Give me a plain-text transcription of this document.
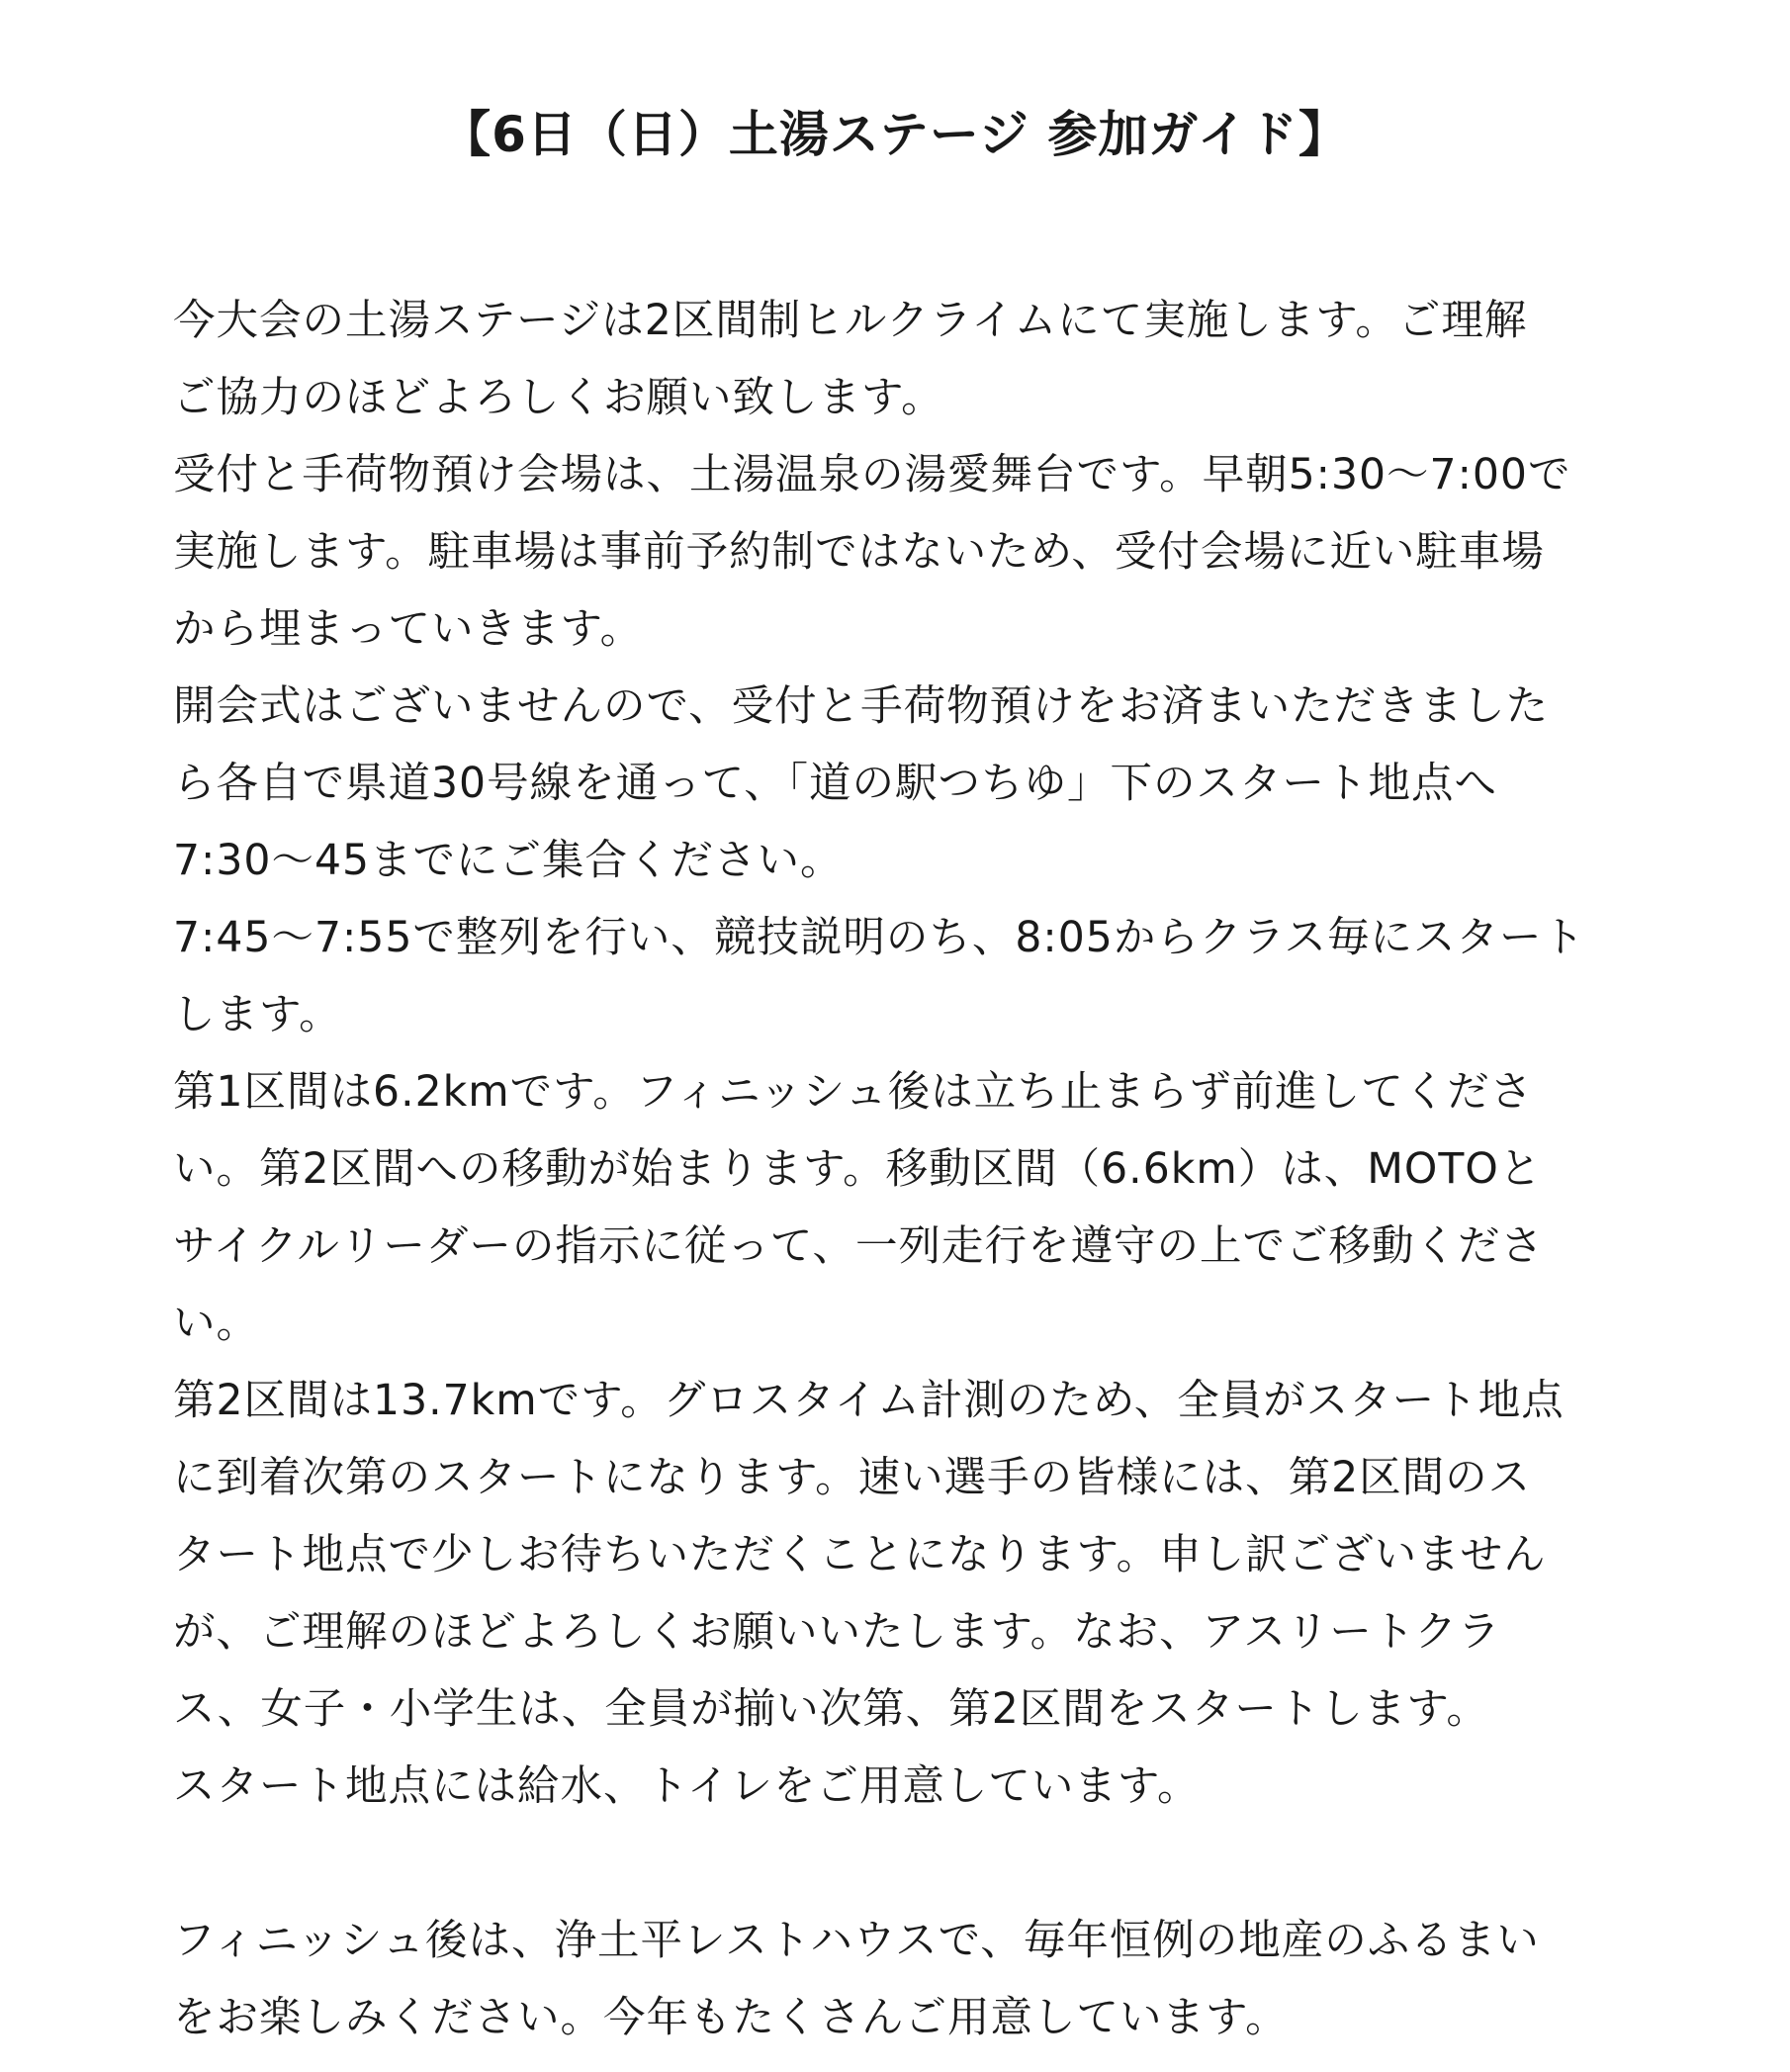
【6日（日）土湯ステージ 参加ガイド】
今大会の土湯ステージは2区間制ヒルクライムにて実施します。ご理解
ご協力のほどよろしくお願い致します。
受付と手荷物預け会場は、土湯温泉の湯愛舞台です。早朝5:30〜7:00で
実施します。駐車場は事前予約制ではないため、受付会場に近い駐車場
から埋まっていきます。
開会式はございませんので、受付と手荷物預けをお済まいただきました
ら各自で県道30号線を通って、「道の駅つちゆ」下のスタート地点へ
7:30〜45までにご集合ください。
7:45〜7:55で整列を行い、競技説明のち、8:05からクラス毎にスタート
します。
第1区間は6.2kmです。フィニッシュ後は立ち止まらず前進してくださ
い。第2区間への移動が始まります。移動区間（6.6km）は、MOTOと
サイクルリーダーの指示に従って、一列走行を遵守の上でご移動くださ
い。
第2区間は13.7kmです。グロスタイム計測のため、全員がスタート地点
に到着次第のスタートになります。速い選手の皆様には、第2区間のス
タート地点で少しお待ちいただくことになります。申し訳ございません
が、ご理解のほどよろしくお願いいたします。なお、アスリートクラ
ス、女子・小学生は、全員が揃い次第、第2区間をスタートします。
スタート地点には給水、トイレをご用意しています。
フィニッシュ後は、浄土平レストハウスで、毎年恒例の地産のふるまい
をお楽しみください。今年もたくさんご用意しています。
